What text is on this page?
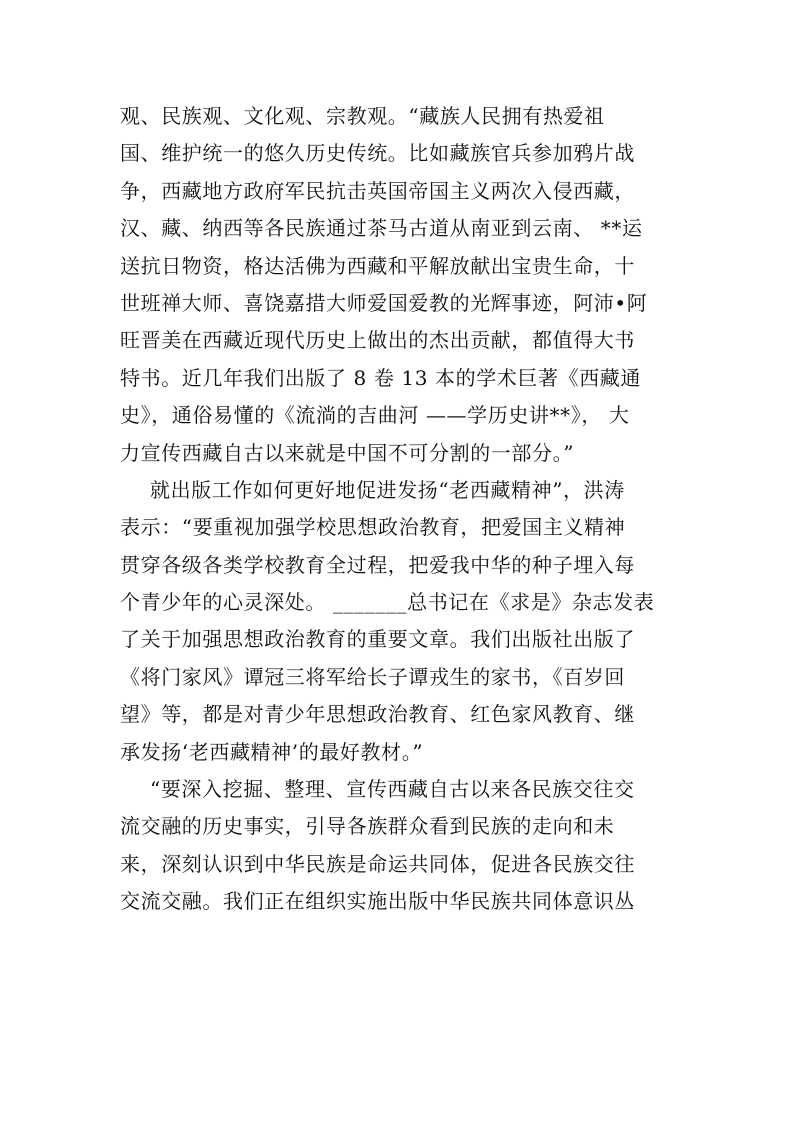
观、民族观、文化观、宗教观。“藏族人民拥有热爱祖
国、维护统一的悠久历史传统。比如藏族官兵参加鸦片战
争，西藏地方政府军民抗击英国帝国主义两次入侵西藏，
汉、藏、纳西等各民族通过茶马古道从南亚到云南、 **运
送抗日物资，格达活佛为西藏和平解放献出宝贵生命，十
世班禅大师、喜饶嘉措大师爱国爱教的光辉事迹，阿沛•阿
旺晋美在西藏近现代历史上做出的杰出贡献，都值得大书
特书。近几年我们出版了 8 卷 13 本的学术巨著《西藏通
史》，通俗易懂的《流淌的吉曲河 ——学历史讲**》， 大
力宣传西藏自古以来就是中国不可分割的一部分。”
就出版工作如何更好地促进发扬“老西藏精神”，洪涛
表示：“要重视加强学校思想政治教育，把爱国主义精神
贯穿各级各类学校教育全过程，把爱我中华的种子埋入每
个青少年的心灵深处。 _______总书记在《求是》杂志发表
了关于加强思想政治教育的重要文章。我们出版社出版了
《将门家风》谭冠三将军给长子谭戎生的家书，《百岁回
望》等，都是对青少年思想政治教育、红色家风教育、继
承发扬‘老西藏精神’的最好教材。”
“要深入挖掘、整理、宣传西藏自古以来各民族交往交
流交融的历史事实，引导各族群众看到民族的走向和未
来，深刻认识到中华民族是命运共同体，促进各民族交往
交流交融。我们正在组织实施出版中华民族共同体意识丛
